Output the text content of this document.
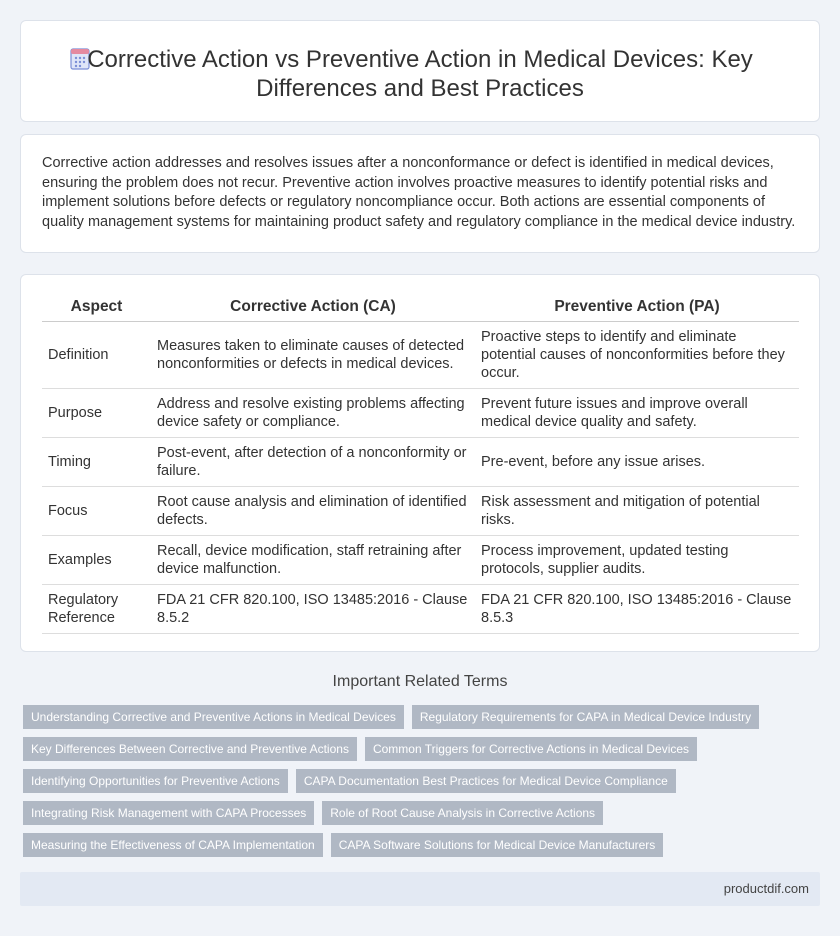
Corrective Action vs Preventive Action in Medical Devices: Key Differences and Best Practices

Corrective action addresses and resolves issues after a nonconformance or defect is identified in medical devices, ensuring the problem does not recur. Preventive action involves proactive measures to identify potential risks and implement solutions before defects or regulatory noncompliance occur. Both actions are essential components of quality management systems for maintaining product safety and regulatory compliance in the medical device industry.

Aspect	Corrective Action (CA)	Preventive Action (PA)
Definition	Measures taken to eliminate causes of detected nonconformities or defects in medical devices.	Proactive steps to identify and eliminate potential causes of nonconformities before they occur.
Purpose	Address and resolve existing problems affecting device safety or compliance.	Prevent future issues and improve overall medical device quality and safety.
Timing	Post-event, after detection of a nonconformity or failure.	Pre-event, before any issue arises.
Focus	Root cause analysis and elimination of identified defects.	Risk assessment and mitigation of potential risks.
Examples	Recall, device modification, staff retraining after device malfunction.	Process improvement, updated testing protocols, supplier audits.
Regulatory Reference	FDA 21 CFR 820.100, ISO 13485:2016 - Clause 8.5.2	FDA 21 CFR 820.100, ISO 13485:2016 - Clause 8.5.3
Important Related Terms
Understanding Corrective and Preventive Actions in Medical Devices	Regulatory Requirements for CAPA in Medical Device Industry
Key Differences Between Corrective and Preventive Actions	Common Triggers for Corrective Actions in Medical Devices
Identifying Opportunities for Preventive Actions	CAPA Documentation Best Practices for Medical Device Compliance
Integrating Risk Management with CAPA Processes	Role of Root Cause Analysis in Corrective Actions
Measuring the Effectiveness of CAPA Implementation	CAPA Software Solutions for Medical Device Manufacturers
productdif.com
